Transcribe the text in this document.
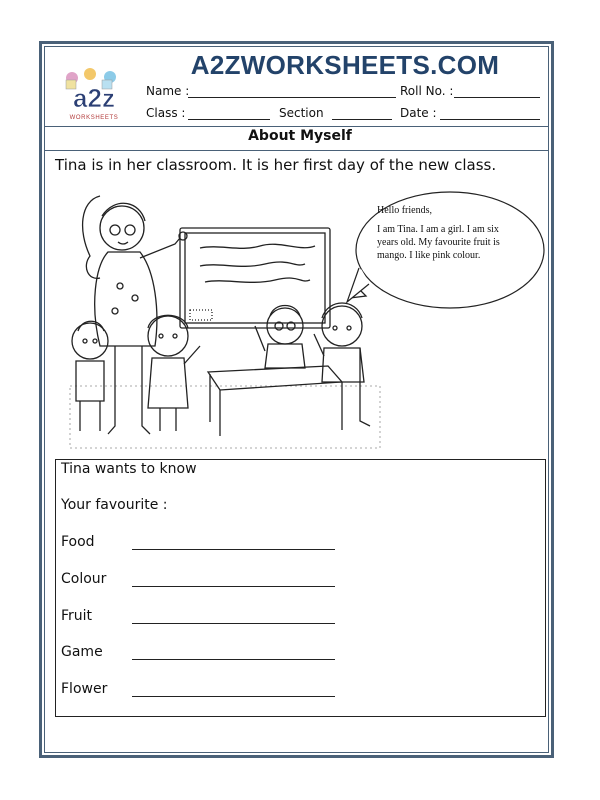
a2z
WORKSHEETS
A2ZWORKSHEETS.COM
Name :	Roll No. :
Class :	Section	Date :
About Myself
Tina is in her classroom. It is her first day of the new class.

Hello friends,

I am Tina. I am a girl. I am six years old. My favourite fruit is mango. I like pink colour.

Tina wants to know
Your favourite :
Food
Colour
Fruit
Game
Flower
